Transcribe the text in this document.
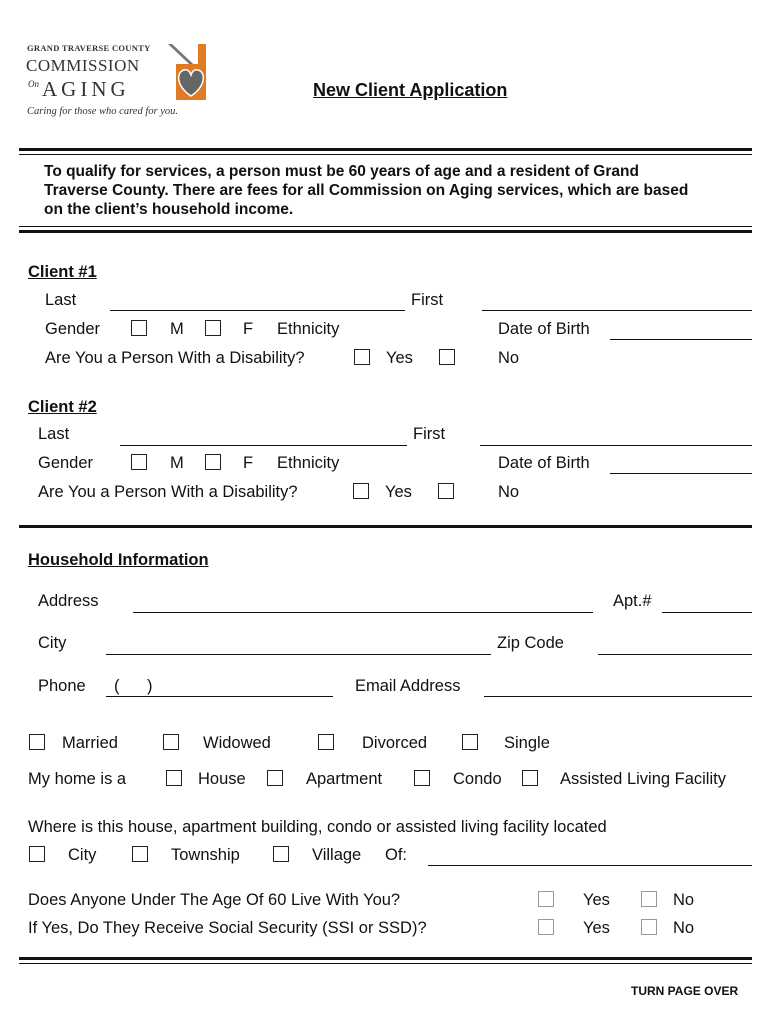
GRAND TRAVERSE COUNTY
COMMISSION
On AGING
Caring for those who cared for you.
New Client Application
To qualify for services, a person must be 60 years of age and a resident of Grand
Traverse County. There are fees for all Commission on Aging services, which are based
on the client’s household income.
Client #1
Last	First
Gender	M	F Ethnicity	Date of Birth
Are You a Person With a Disability?	Yes	No
Client #2
Last	First
Gender	M	F Ethnicity	Date of Birth
Are You a Person With a Disability?	Yes	No
Household Information
Address	Apt.#
City	Zip Code
Phone (      )	Email Address
Married	Widowed	Divorced	Single
My home is a	House	Apartment	Condo	Assisted Living Facility
Where is this house, apartment building, condo or assisted living facility located
City	Township	Village Of:
Does Anyone Under The Age Of 60 Live With You?	Yes	No
If Yes, Do They Receive Social Security (SSI or SSD)?	Yes	No
TURN PAGE OVER
